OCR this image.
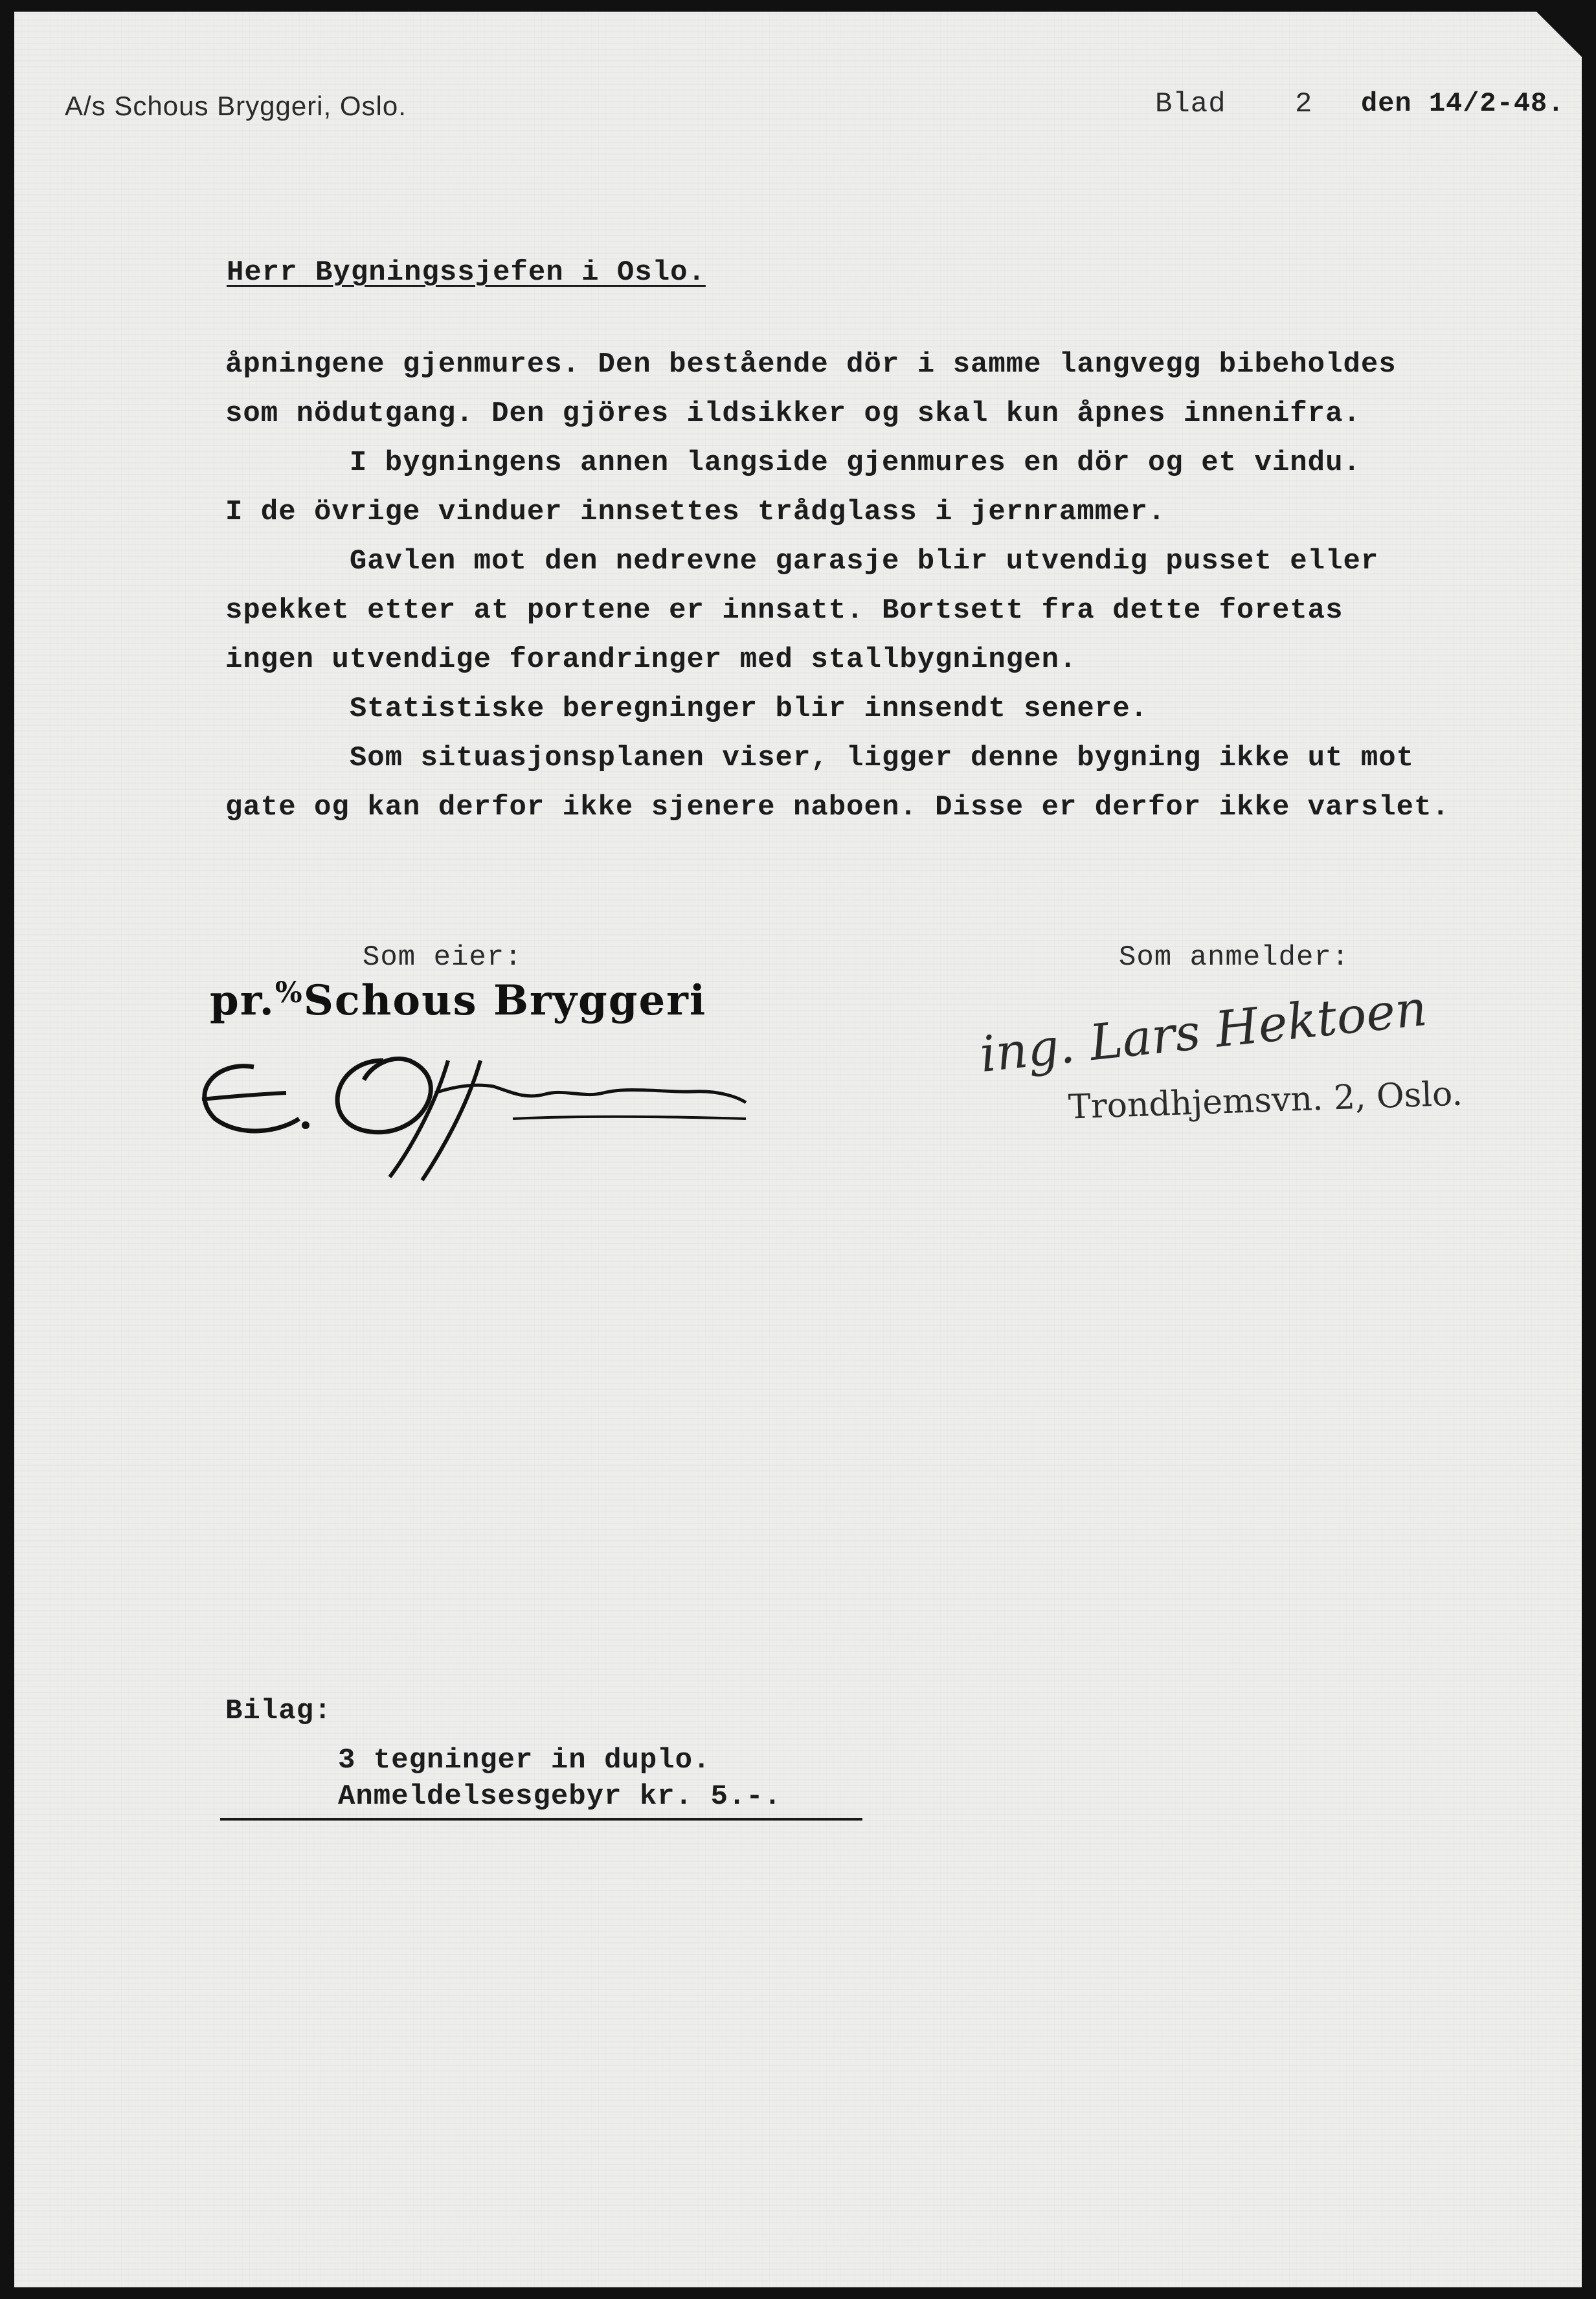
A/s Schous Bryggeri, Oslo.	Blad 2 den 14/2-48.
Herr Bygningssjefen i Oslo.
åpningene gjenmures. Den bestående dör i samme langvegg bibeholdes
som nödutgang. Den gjöres ildsikker og skal kun åpnes innenifra.
I bygningens annen langside gjenmures en dör og et vindu.
I de övrige vinduer innsettes trådglass i jernrammer.
Gavlen mot den nedrevne garasje blir utvendig pusset eller
spekket etter at portene er innsatt. Bortsett fra dette foretas
ingen utvendige forandringer med stallbygningen.
Statistiske beregninger blir innsendt senere.
Som situasjonsplanen viser, ligger denne bygning ikke ut mot
gate og kan derfor ikke sjenere naboen. Disse er derfor ikke varslet.
Som eier:
pr.%Schous Bryggeri
Som anmelder:
ing. Lars Hektoen
Trondhjemsvn. 2, Oslo.
Bilag:
3 tegninger in duplo.
Anmeldelsesgebyr kr. 5.-.
